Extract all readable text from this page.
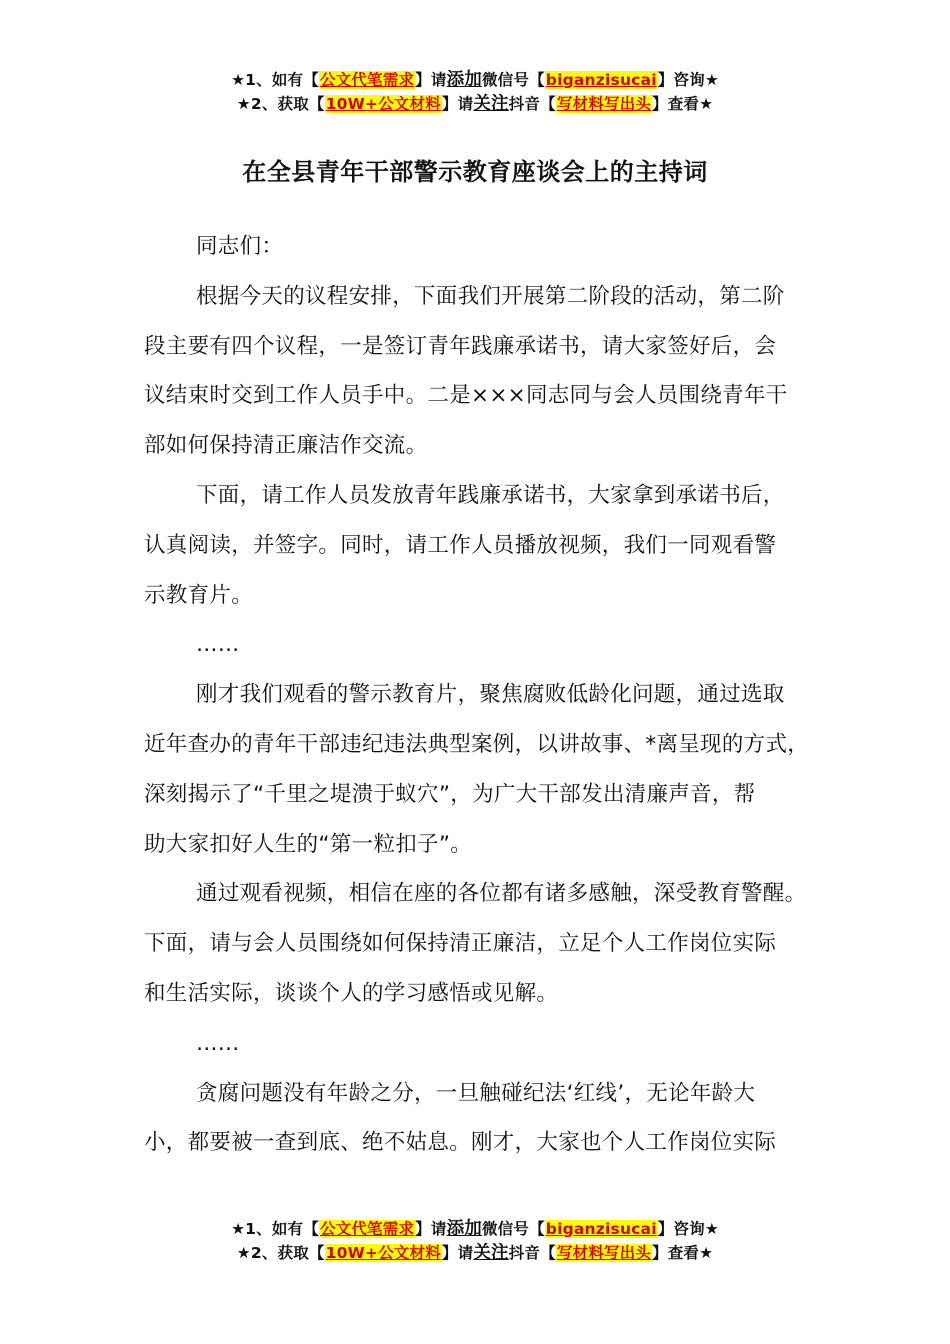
★1、如有【公文代笔需求】请添加微信号【biganzisucai】咨询★
★2、获取【10W+公文材料】请关注抖音【写材料写出头】查看★
在全县青年干部警示教育座谈会上的主持词

同志们：

根据今天的议程安排，下面我们开展第二阶段的活动，第二阶

段主要有四个议程，一是签订青年践廉承诺书，请大家签好后，会

议结束时交到工作人员手中。二是×××同志同与会人员围绕青年干

部如何保持清正廉洁作交流。

下面，请工作人员发放青年践廉承诺书，大家拿到承诺书后，

认真阅读，并签字。同时，请工作人员播放视频，我们一同观看警

示教育片。

……

刚才我们观看的警示教育片，聚焦腐败低龄化问题，通过选取

近年查办的青年干部违纪违法典型案例，以讲故事、*离呈现的方式，

深刻揭示了“千里之堤溃于蚁穴”，为广大干部发出清廉声音，帮

助大家扣好人生的“第一粒扣子”。

通过观看视频，相信在座的各位都有诸多感触，深受教育警醒。

下面，请与会人员围绕如何保持清正廉洁，立足个人工作岗位实际

和生活实际，谈谈个人的学习感悟或见解。

……

贪腐问题没有年龄之分，一旦触碰纪法‘红线’，无论年龄大

小，都要被一查到底、绝不姑息。刚才，大家也个人工作岗位实际

★1、如有【公文代笔需求】请添加微信号【biganzisucai】咨询★
★2、获取【10W+公文材料】请关注抖音【写材料写出头】查看★
